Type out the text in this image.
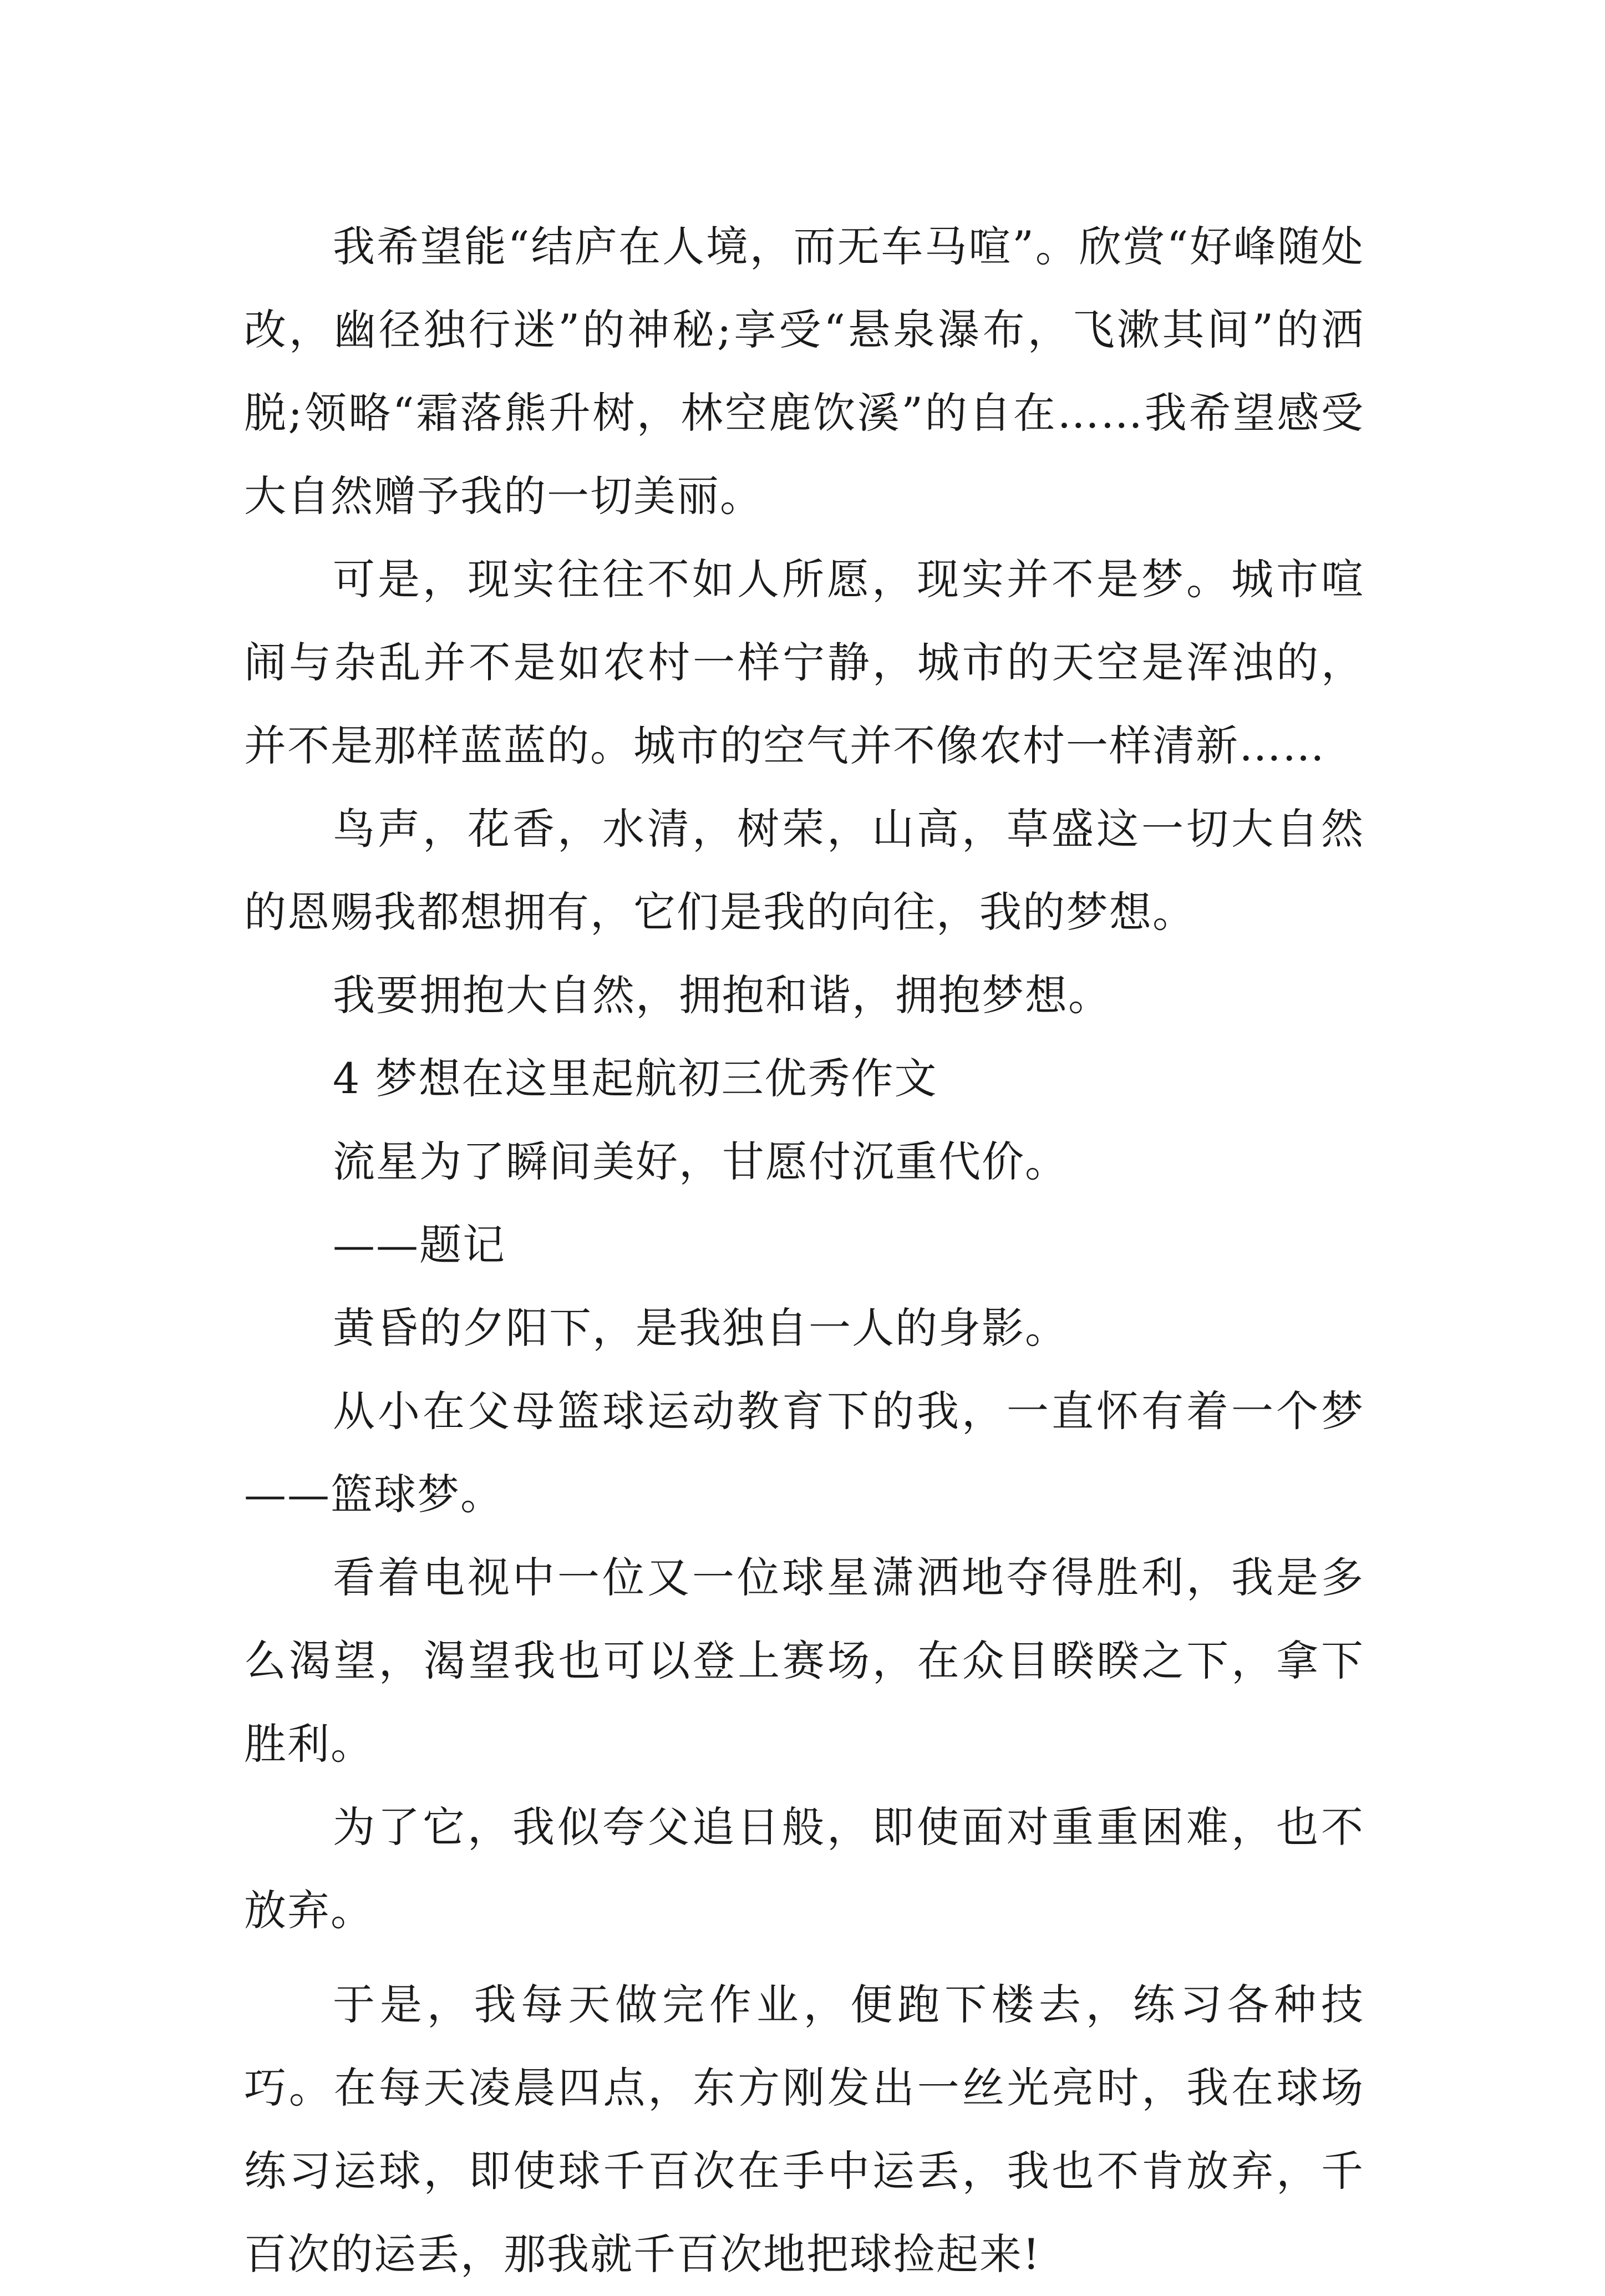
我希望能“结庐在人境，而无车马喧”。欣赏“好峰随处改，幽径独行迷”的神秘;享受“悬泉瀑布，飞漱其间”的洒脱;领略“霜落熊升树，林空鹿饮溪”的自在……我希望感受大自然赠予我的一切美丽。

可是，现实往往不如人所愿，现实并不是梦。城市喧闹与杂乱并不是如农村一样宁静，城市的天空是浑浊的，并不是那样蓝蓝的。城市的空气并不像农村一样清新……

鸟声，花香，水清，树荣，山高，草盛这一切大自然的恩赐我都想拥有，它们是我的向往，我的梦想。

我要拥抱大自然，拥抱和谐，拥抱梦想。

4 梦想在这里起航初三优秀作文

流星为了瞬间美好，甘愿付沉重代价。

——题记

黄昏的夕阳下，是我独自一人的身影。

从小在父母篮球运动教育下的我，一直怀有着一个梦——篮球梦。

看着电视中一位又一位球星潇洒地夺得胜利，我是多么渴望，渴望我也可以登上赛场，在众目睽睽之下，拿下胜利。

为了它，我似夸父追日般，即使面对重重困难，也不放弃。

于是，我每天做完作业，便跑下楼去，练习各种技巧。在每天凌晨四点，东方刚发出一丝光亮时，我在球场练习运球，即使球千百次在手中运丢，我也不肯放弃，千百次的运丢，那我就千百次地把球捡起来!
